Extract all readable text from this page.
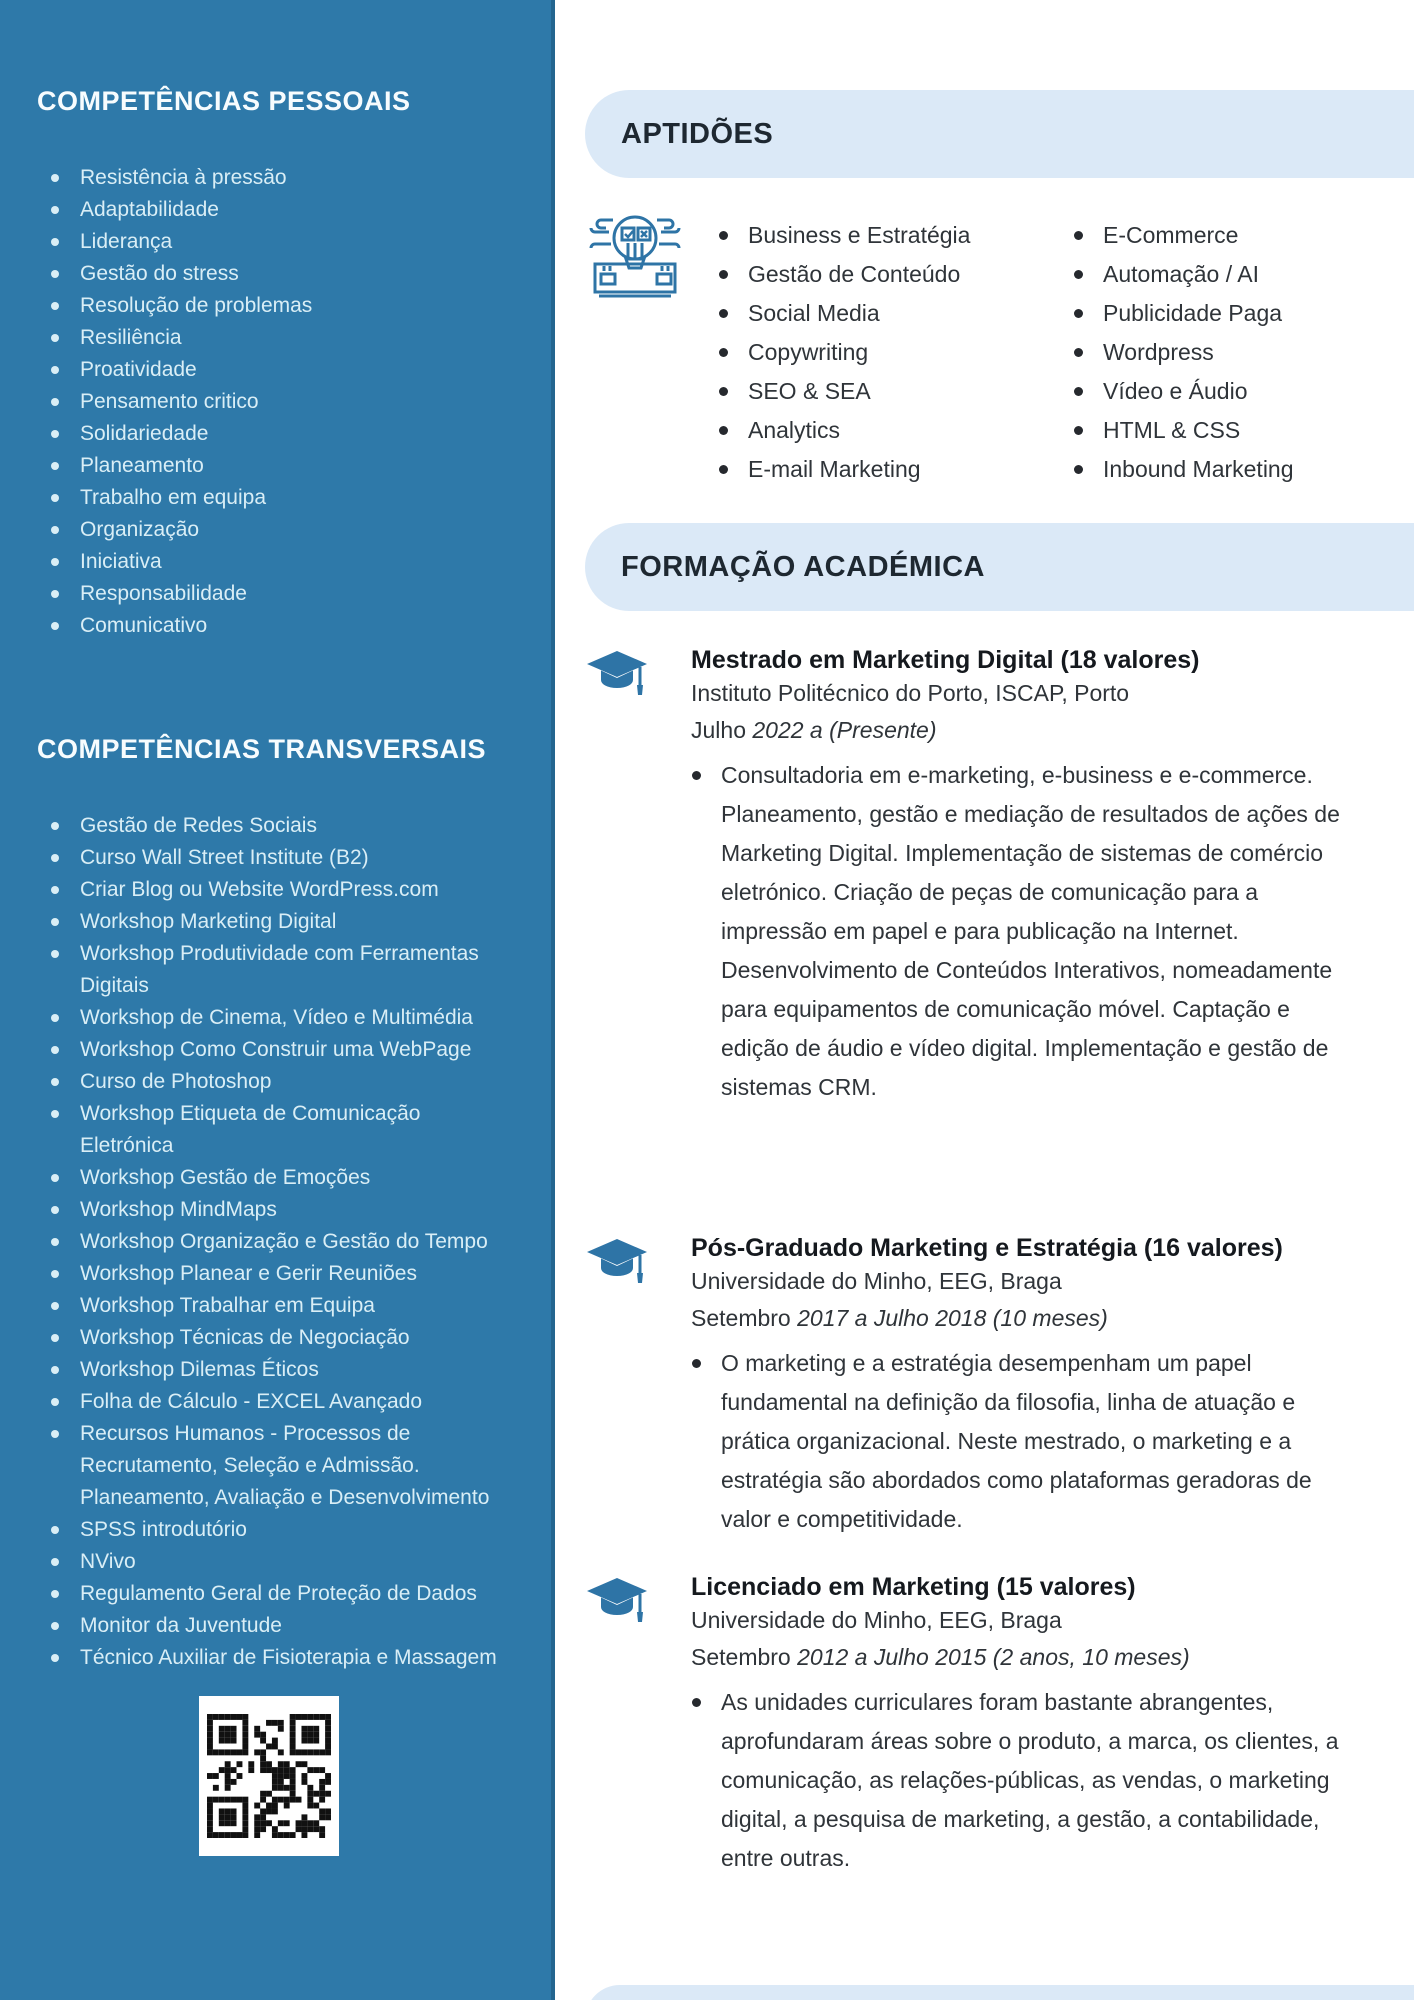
COMPETÊNCIAS PESSOAIS
Resistência à pressão
Adaptabilidade
Liderança
Gestão do stress
Resolução de problemas
Resiliência
Proatividade
Pensamento critico
Solidariedade
Planeamento
Trabalho em equipa
Organização
Iniciativa
Responsabilidade
Comunicativo
COMPETÊNCIAS TRANSVERSAIS
Gestão de Redes Sociais
Curso Wall Street Institute (B2)
Criar Blog ou Website WordPress.com
Workshop Marketing Digital
Workshop Produtividade com Ferramentas Digitais
Workshop de Cinema, Vídeo e Multimédia
Workshop Como Construir uma WebPage
Curso de Photoshop
Workshop Etiqueta de Comunicação Eletrónica
Workshop Gestão de Emoções
Workshop MindMaps
Workshop Organização e Gestão do Tempo
Workshop Planear e Gerir Reuniões
Workshop Trabalhar em Equipa
Workshop Técnicas de Negociação
Workshop Dilemas Éticos
Folha de Cálculo - EXCEL Avançado
Recursos Humanos - Processos de Recrutamento, Seleção e Admissão. Planeamento, Avaliação e Desenvolvimento
SPSS introdutório
NVivo
Regulamento Geral de Proteção de Dados
Monitor da Juventude
Técnico Auxiliar de Fisioterapia e Massagem
APTIDÕES
Business e Estratégia
Gestão de Conteúdo
Social Media
Copywriting
SEO & SEA
Analytics
E-mail Marketing
E-Commerce
Automação / AI
Publicidade Paga
Wordpress
Vídeo e Áudio
HTML & CSS
Inbound Marketing
FORMAÇÃO ACADÉMICA
Mestrado em Marketing Digital (18 valores)
Instituto Politécnico do Porto, ISCAP, Porto
Julho 2022 a (Presente)
Consultadoria em e-marketing, e-business e e-commerce. Planeamento, gestão e mediação de resultados de ações de Marketing Digital. Implementação de sistemas de comércio eletrónico. Criação de peças de comunicação para a impressão em papel e para publicação na Internet. Desenvolvimento de Conteúdos Interativos, nomeadamente para equipamentos de comunicação móvel. Captação e edição de áudio e vídeo digital. Implementação e gestão de sistemas CRM.
Pós-Graduado Marketing e Estratégia (16 valores)
Universidade do Minho, EEG, Braga
Setembro 2017 a Julho 2018 (10 meses)
O marketing e a estratégia desempenham um papel fundamental na definição da filosofia, linha de atuação e prática organizacional. Neste mestrado, o marketing e a estratégia são abordados como plataformas geradoras de valor e competitividade.
Licenciado em Marketing (15 valores)
Universidade do Minho, EEG, Braga
Setembro 2012 a Julho 2015 (2 anos, 10 meses)
As unidades curriculares foram bastante abrangentes, aprofundaram áreas sobre o produto, a marca, os clientes, a comunicação, as relações-públicas, as vendas, o marketing digital, a pesquisa de marketing, a gestão, a contabilidade, entre outras.
